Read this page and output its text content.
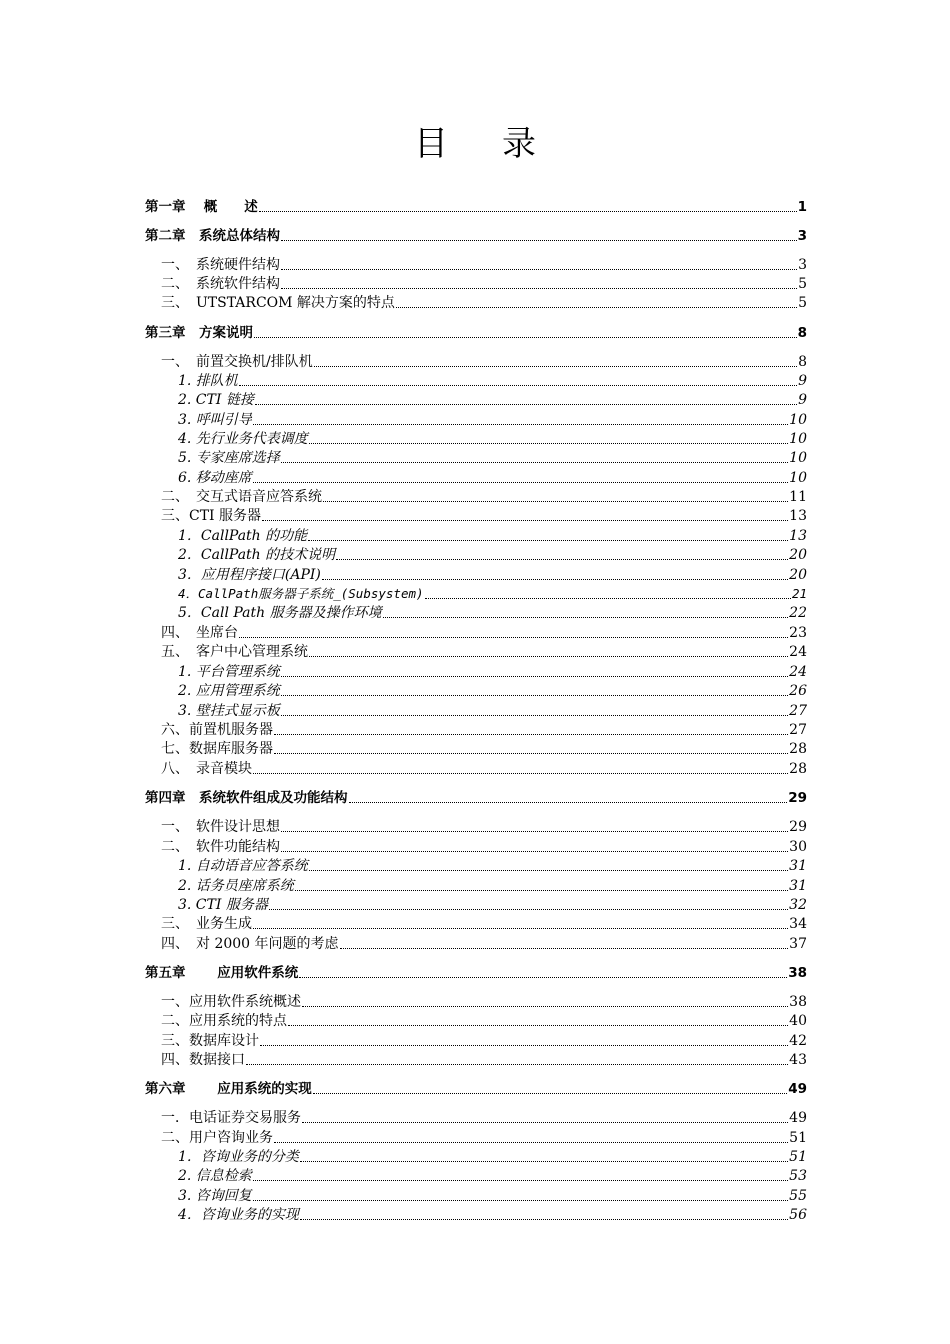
目 录
第一章　 概　　述	1
第二章　系统总体结构	3
一、　系统硬件结构	3
二、　系统软件结构	5
三、　UTSTARCOM 解决方案的特点	5
第三章　方案说明	8
一、　前置交换机/排队机	8
1. 排队机	9
2. CTI 链接	9
3. 呼叫引导	10
4. 先行业务代表调度	10
5. 专家座席选择	10
6. 移动座席	10
二、　交互式语音应答系统	11
三、CTI 服务器	13
1．CallPath 的功能	13
2．CallPath 的技术说明	20
3．应用程序接口(API)	20
4．CallPath服务器子系统_(Subsystem)	21
5．Call Path 服务器及操作环境	22
四、　坐席台	23
五、　客户中心管理系统	24
1. 平台管理系统	24
2. 应用管理系统	26
3. 壁挂式显示板	27
六、前置机服务器	27
七、数据库服务器	28
八、　录音模块	28
第四章　系统软件组成及功能结构	29
一、　软件设计思想	29
二、　软件功能结构	30
1. 自动语音应答系统	31
2. 话务员座席系统	31
3. CTI 服务器	32
三、　业务生成	34
四、　对 2000 年问题的考虑	37
第五章　　 应用软件系统	38
一、应用软件系统概述	38
二、应用系统的特点	40
三、数据库设计	42
四、数据接口	43
第六章　　 应用系统的实现	49
一．电话证券交易服务	49
二、用户咨询业务	51
1．咨询业务的分类	51
2. 信息检索	53
3. 咨询回复	55
4．咨询业务的实现	56
